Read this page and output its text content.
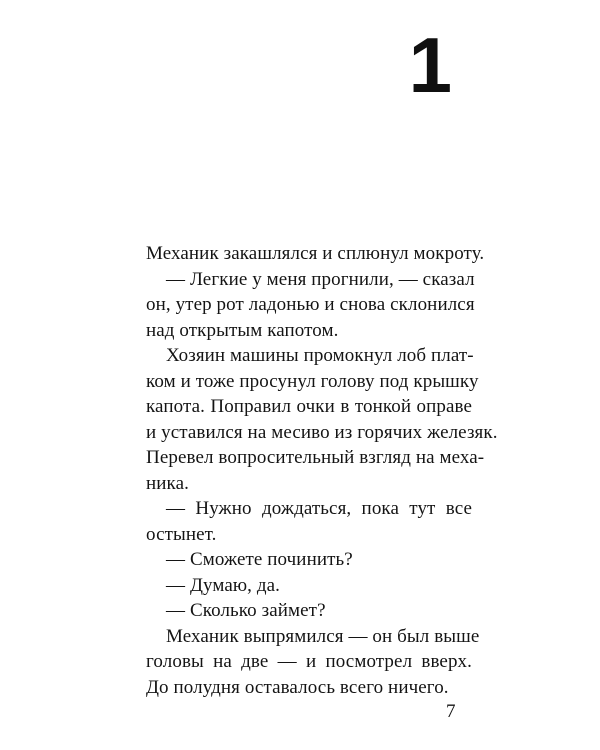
1
Механик закашлялся и сплюнул мокроту.
— Легкие у меня прогнили, — сказал
он, утер рот ладонью и снова склонился
над открытым капотом.
Хозяин машины промокнул лоб плат-
ком и тоже просунул голову под крышку
капота. Поправил очки в тонкой оправе
и уставился на месиво из горячих железяк.
Перевел вопросительный взгляд на меха-
ника.
— Нужно дождаться, пока тут все
остынет.
— Сможете починить?
— Думаю, да.
— Сколько займет?
Механик выпрямился — он был выше
головы на две — и посмотрел вверх.
До полудня оставалось всего ничего.
7
